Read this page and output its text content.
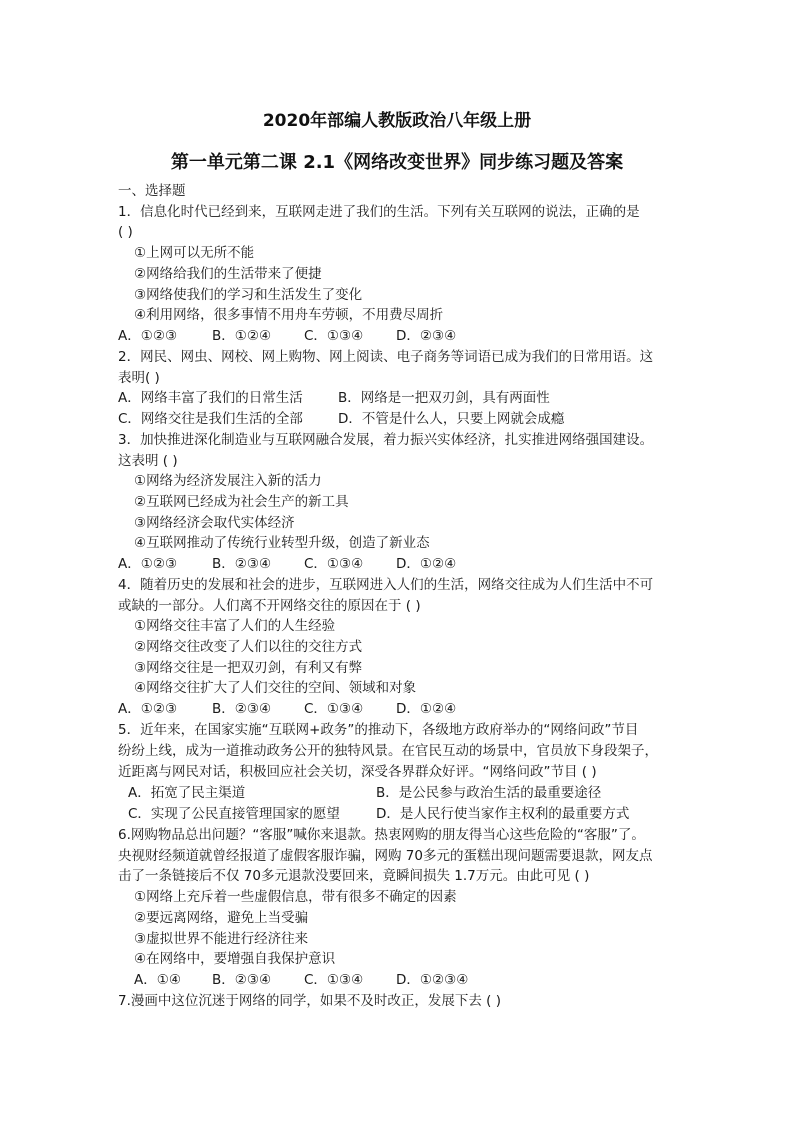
2020年部编人教版政治八年级上册
第一单元第二课 2.1《网络改变世界》同步练习题及答案
一、选择题
1．信息化时代已经到来，互联网走进了我们的生活。下列有关互联网的说法，正确的是
( )
①上网可以无所不能
②网络给我们的生活带来了便捷
③网络使我们的学习和生活发生了变化
④利用网络，很多事情不用舟车劳顿，不用费尽周折
A．①②③	B．①②④ C．①③④ D．②③④
2．网民、网虫、网校、网上购物、网上阅读、电子商务等词语已成为我们的日常用语。这
表明( )
A．网络丰富了我们的日常生活	B．网络是一把双刃剑，具有两面性
C．网络交往是我们生活的全部	D．不管是什么人，只要上网就会成瘾
3．加快推进深化制造业与互联网融合发展，着力振兴实体经济，扎实推进网络强国建设。
这表明 ( )
①网络为经济发展注入新的活力
②互联网已经成为社会生产的新工具
③网络经济会取代实体经济
④互联网推动了传统行业转型升级，创造了新业态
A．①②③	B．②③④ C．①③④ D．①②④
4．随着历史的发展和社会的进步，互联网进入人们的生活，网络交往成为人们生活中不可
或缺的一部分。人们离不开网络交往的原因在于 ( )
①网络交往丰富了人们的人生经验
②网络交往改变了人们以往的交往方式
③网络交往是一把双刃剑，有利又有弊
④网络交往扩大了人们交往的空间、领域和对象
A．①②③	B．②③④ C．①③④ D．①②④
5．近年来，在国家实施“互联网+政务”的推动下，各级地方政府举办的“网络问政”节目
纷纷上线，成为一道推动政务公开的独特风景。在官民互动的场景中，官员放下身段架子，
近距离与网民对话，积极回应社会关切，深受各界群众好评。“网络问政”节目 ( )
A．拓宽了民主渠道	B．是公民参与政治生活的最重要途径
C．实现了公民直接管理国家的愿望	D．是人民行使当家作主权利的最重要方式
6.网购物品总出问题？“客服”喊你来退款。热衷网购的朋友得当心这些危险的“客服”了。
央视财经频道就曾经报道了虚假客服诈骗，网购 70多元的蛋糕出现问题需要退款，网友点
击了一条链接后不仅 70多元退款没要回来，竟瞬间损失 1.7万元。由此可见 ( )
①网络上充斥着一些虚假信息，带有很多不确定的因素
②要远离网络，避免上当受骗
③虚拟世界不能进行经济往来
④在网络中，要增强自我保护意识
A．①④ B．②③④ C．①③④ D．①②③④
7.漫画中这位沉迷于网络的同学，如果不及时改正，发展下去 ( )
